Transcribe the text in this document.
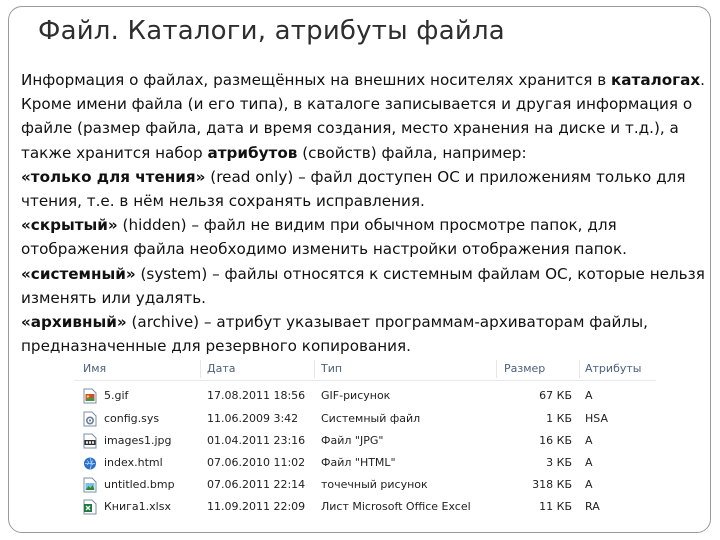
Файл. Каталоги, атрибуты файла

Информация о файлах, размещённых на внешних носителях хранится в каталогах. Кроме имени файла (и его типа), в каталоге записывается и другая информация о файле (размер файла, дата и время создания, место хранения на диске и т.д.), а также хранится набор атрибутов (свойств) файла, например:

«только для чтения» (read only) – файл доступен ОС и приложениям только для чтения, т.е. в нём нельзя сохранять исправления.

«скрытый» (hidden) – файл не видим при обычном просмотре папок, для отображения файла необходимо изменить настройки отображения папок.

«системный» (system) – файлы относятся к системным файлам ОС, которые нельзя изменять или удалять.

«архивный» (archive) – атрибут указывает программам-архиваторам файлы, предназначенные для резервного копирования.

Имя	Дата	Тип	Размер	Атрибуты
5.gif	17.08.2011 18:56 GIF-рисунок	67 КБ A
config.sys	11.06.2009 3:42 Системный файл	1 КБ HSA
images1.jpg	01.04.2011 23:16 Файл "JPG"	16 КБ A
index.html	07.06.2010 11:02 Файл "HTML"	3 КБ A
untitled.bmp	07.06.2011 22:14 точечный рисунок	318 КБ A
Книга1.xlsx	11.09.2011 22:09 Лист Microsoft Office Excel	11 КБ RA
